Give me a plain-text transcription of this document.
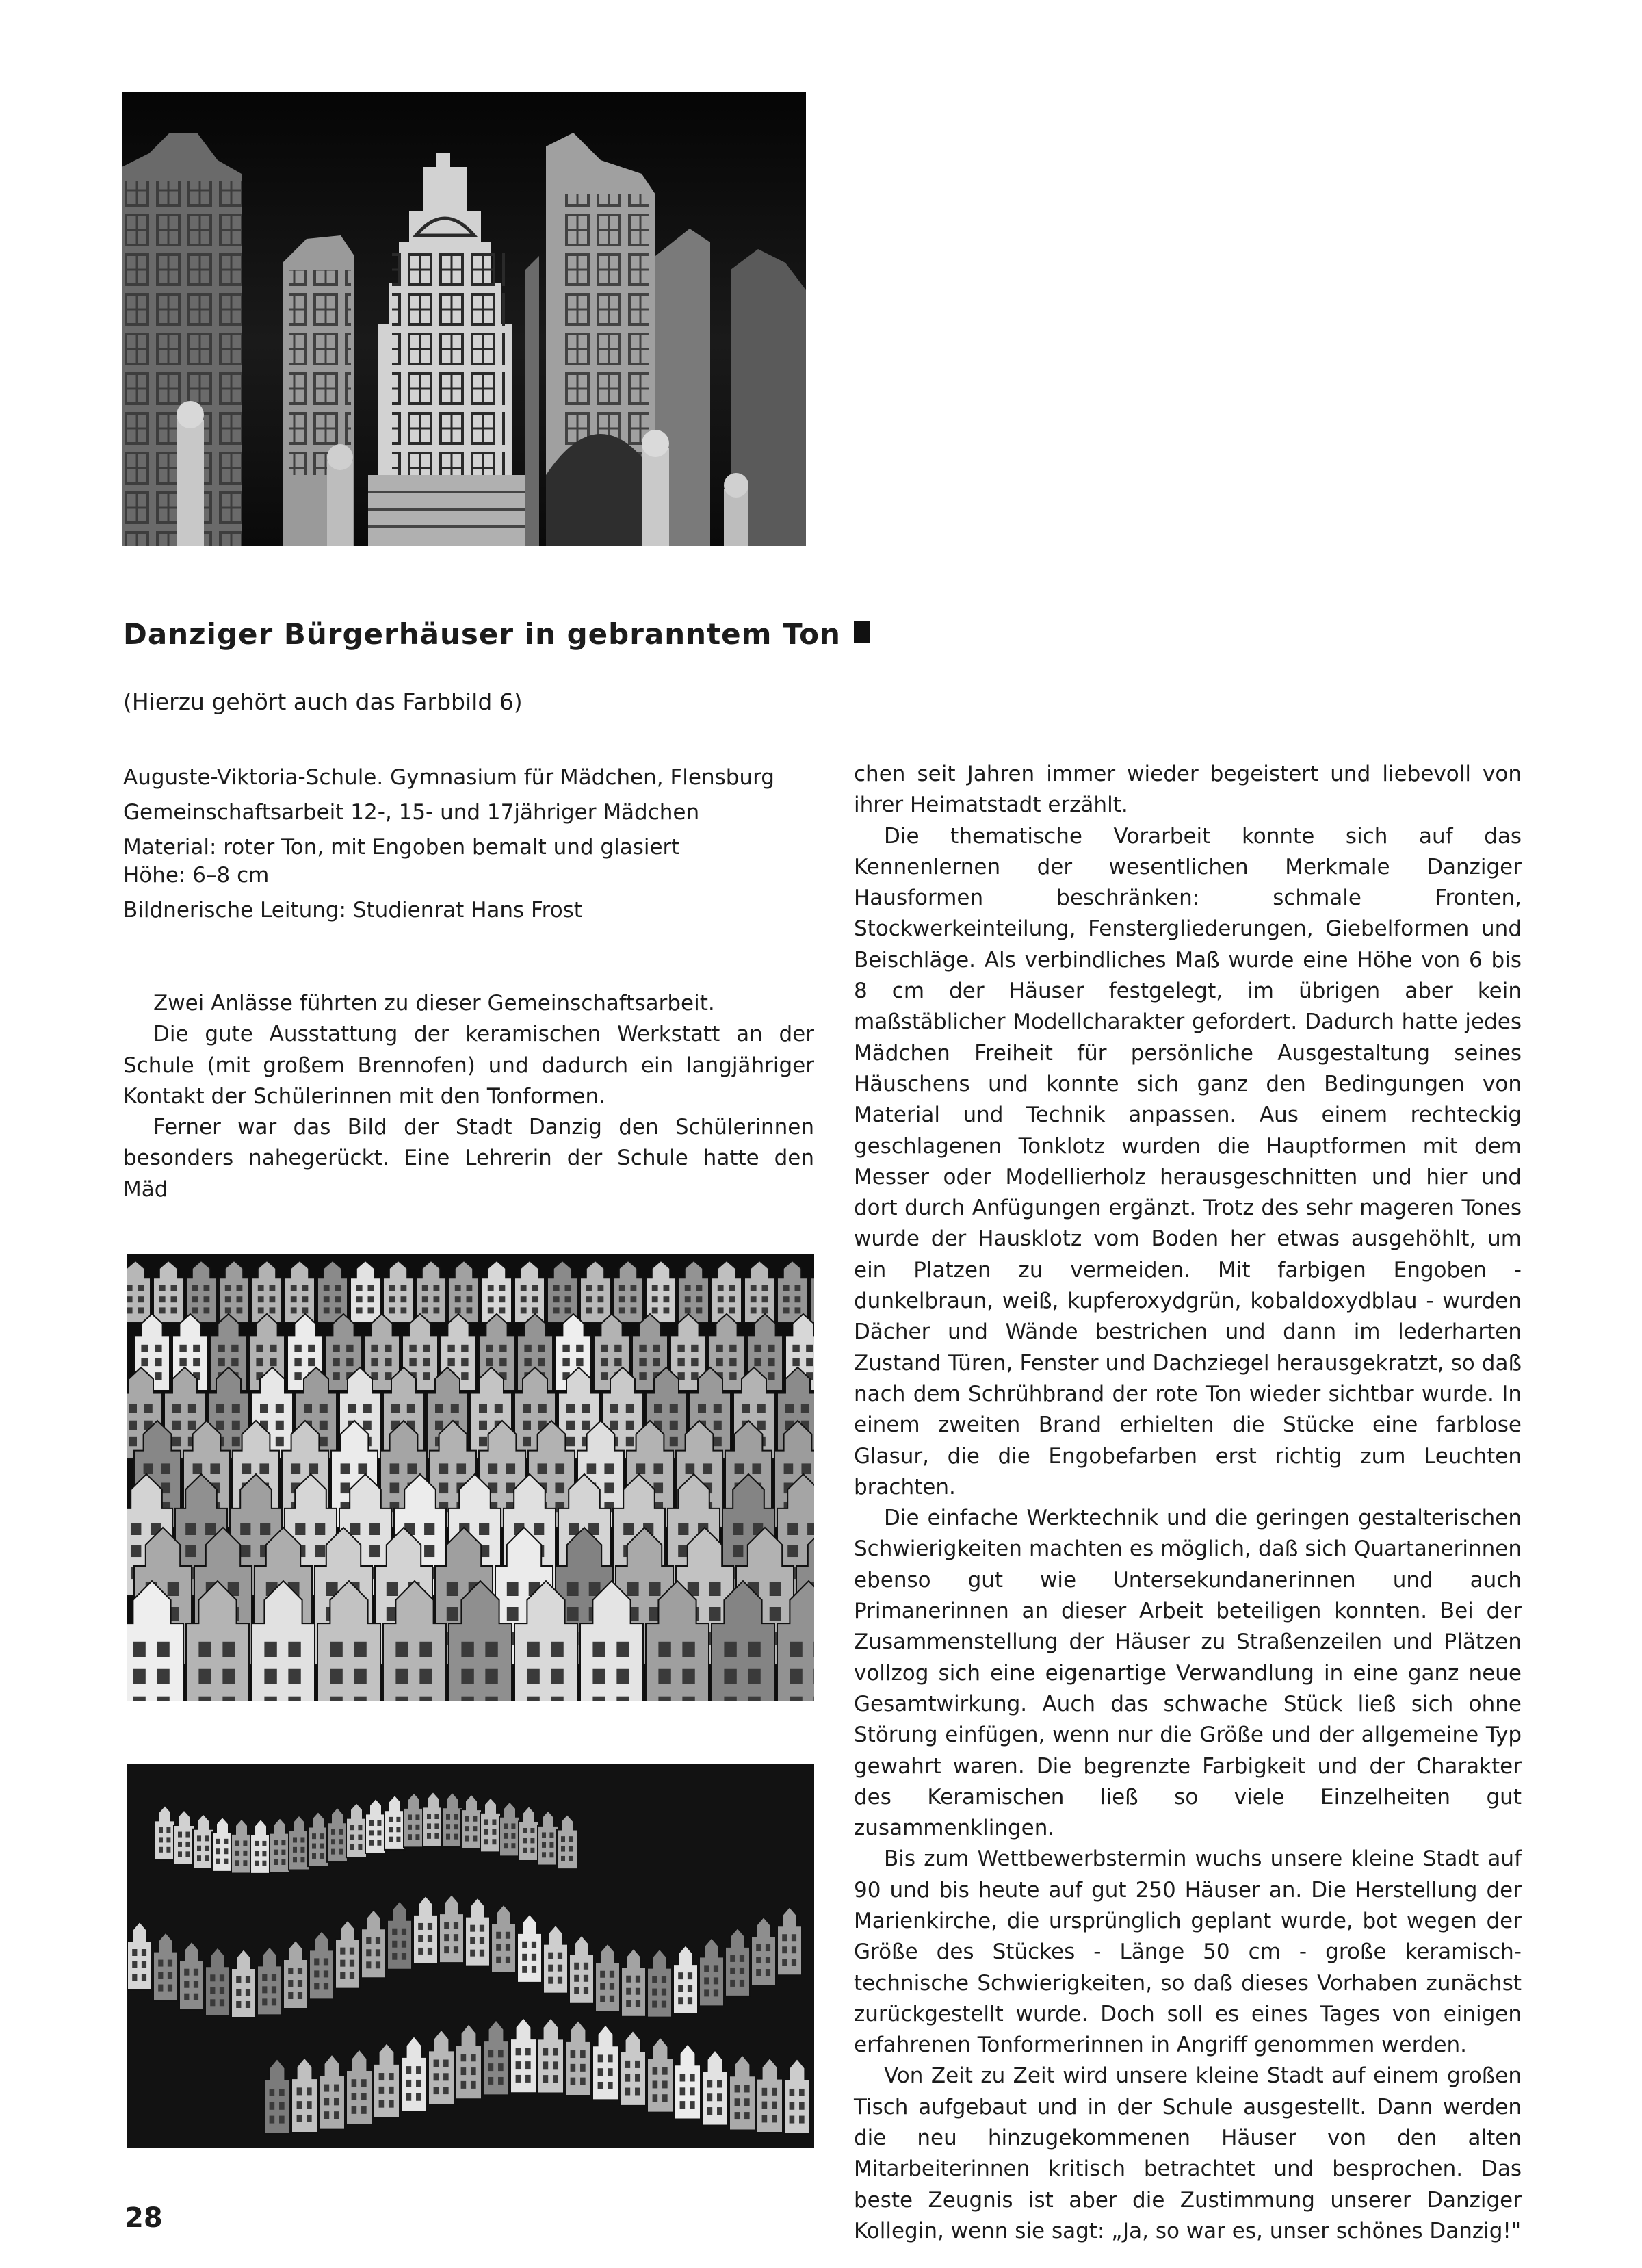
Danziger Bürgerhäuser in gebranntem Ton

(Hierzu gehört auch das Farbbild 6)

Auguste-Viktoria-Schule. Gymnasium für Mädchen, Flensburg
Gemeinschaftsarbeit 12-, 15- und 17jähriger Mädchen
Material: roter Ton, mit Engoben bemalt und glasiert
Höhe: 6–8 cm
Bildnerische Leitung: Studienrat Hans Frost

Zwei Anlässe führten zu dieser Gemeinschaftsarbeit.

Die gute Ausstattung der keramischen Werkstatt an der Schule (mit großem Brennofen) und dadurch ein langjähriger Kontakt der Schülerinnen mit den Tonformen.

Ferner war das Bild der Stadt Danzig den Schülerinnen besonders nahegerückt. Eine Lehrerin der Schule hatte den Mäd

chen seit Jahren immer wieder begeistert und liebevoll von ihrer Heimatstadt erzählt.

Die thematische Vorarbeit konnte sich auf das Kennenlernen der wesentlichen Merkmale Danziger Hausformen beschränken: schmale Fronten, Stockwerkeinteilung, Fenstergliederungen, Giebelformen und Beischläge. Als verbindliches Maß wurde eine Höhe von 6 bis 8 cm der Häuser festgelegt, im übrigen aber kein maßstäblicher Modellcharakter gefordert. Dadurch hatte jedes Mädchen Freiheit für persönliche Ausgestaltung seines Häuschens und konnte sich ganz den Bedingungen von Material und Technik anpassen. Aus einem rechteckig geschlagenen Tonklotz wurden die Hauptformen mit dem Messer oder Modellierholz herausgeschnitten und hier und dort durch Anfügungen ergänzt. Trotz des sehr mageren Tones wurde der Hausklotz vom Boden her etwas ausgehöhlt, um ein Platzen zu vermeiden. Mit farbigen Engoben - dunkelbraun, weiß, kupferoxydgrün, kobaldoxydblau - wurden Dächer und Wände bestrichen und dann im lederharten Zustand Türen, Fenster und Dachziegel herausgekratzt, so daß nach dem Schrühbrand der rote Ton wieder sichtbar wurde. In einem zweiten Brand erhielten die Stücke eine farblose Glasur, die die Engobefarben erst richtig zum Leuchten brachten.

Die einfache Werktechnik und die geringen gestalterischen Schwierigkeiten machten es möglich, daß sich Quartanerinnen ebenso gut wie Untersekundanerinnen und auch Primanerinnen an dieser Arbeit beteiligen konnten. Bei der Zusammenstellung der Häuser zu Straßenzeilen und Plätzen vollzog sich eine eigenartige Verwandlung in eine ganz neue Gesamtwirkung. Auch das schwache Stück ließ sich ohne Störung einfügen, wenn nur die Größe und der allgemeine Typ gewahrt waren. Die begrenzte Farbigkeit und der Charakter des Keramischen ließ so viele Einzelheiten gut zusammenklingen.

Bis zum Wettbewerbstermin wuchs unsere kleine Stadt auf 90 und bis heute auf gut 250 Häuser an. Die Herstellung der Marienkirche, die ursprünglich geplant wurde, bot wegen der Größe des Stückes - Länge 50 cm - große keramisch-technische Schwierigkeiten, so daß dieses Vorhaben zunächst zurückgestellt wurde. Doch soll es eines Tages von einigen erfahrenen Tonformerinnen in Angriff genommen werden.

Von Zeit zu Zeit wird unsere kleine Stadt auf einem großen Tisch aufgebaut und in der Schule ausgestellt. Dann werden die neu hinzugekommenen Häuser von den alten Mitarbeiterinnen kritisch betrachtet und besprochen. Das beste Zeugnis ist aber die Zustimmung unserer Danziger Kollegin, wenn sie sagt: „Ja, so war es, unser schönes Danzig!"

28
